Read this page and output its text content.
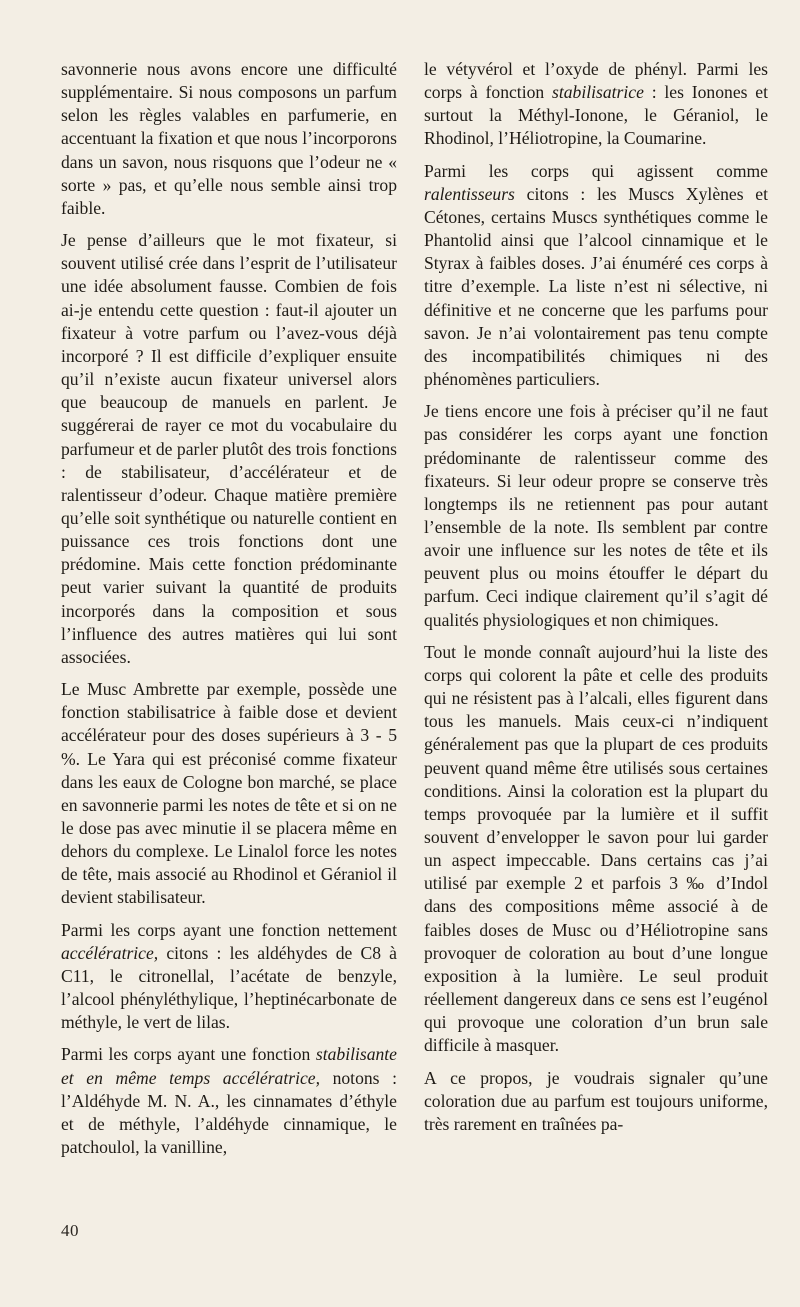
savonnerie nous avons encore une difficulté supplémentaire. Si nous composons un parfum selon les règles valables en parfumerie, en accentuant la fixation et que nous l’incorporons dans un savon, nous risquons que l’odeur ne « sorte » pas, et qu’elle nous semble ainsi trop faible.

Je pense d’ailleurs que le mot fixateur, si souvent utilisé crée dans l’esprit de l’utilisateur une idée absolument fausse. Combien de fois ai-je entendu cette question : faut-il ajouter un fixateur à votre parfum ou l’avez-vous déjà incorporé ? Il est difficile d’expliquer ensuite qu’il n’existe aucun fixateur universel alors que beaucoup de manuels en parlent. Je suggérerai de rayer ce mot du vocabulaire du parfumeur et de parler plutôt des trois fonctions : de stabilisateur, d’accélérateur et de ralentisseur d’odeur. Chaque matière première qu’elle soit synthétique ou naturelle contient en puissance ces trois fonctions dont une prédomine. Mais cette fonction prédominante peut varier suivant la quantité de produits incorporés dans la composition et sous l’influence des autres matières qui lui sont associées.

Le Musc Ambrette par exemple, possède une fonction stabilisatrice à faible dose et devient accélérateur pour des doses supérieurs à 3 - 5 %. Le Yara qui est préconisé comme fixateur dans les eaux de Cologne bon marché, se place en savonnerie parmi les notes de tête et si on ne le dose pas avec minutie il se placera même en dehors du complexe. Le Linalol force les notes de tête, mais associé au Rhodinol et Géraniol il devient stabilisateur.

Parmi les corps ayant une fonction nettement accélératrice, citons : les aldéhydes de C8 à C11, le citronellal, l’acétate de benzyle, l’alcool phényléthylique, l’heptinécarbonate de méthyle, le vert de lilas.

Parmi les corps ayant une fonction stabilisante et en même temps accélératrice, notons : l’Aldéhyde M. N. A., les cinnamates d’éthyle et de méthyle, l’aldéhyde cinnamique, le patchoulol, la vanilline,

le vétyvérol et l’oxyde de phényl. Parmi les corps à fonction stabilisatrice : les Ionones et surtout la Méthyl-Ionone, le Géraniol, le Rhodinol, l’Héliotropine, la Coumarine.

Parmi les corps qui agissent comme ralentisseurs citons : les Muscs Xylènes et Cétones, certains Muscs synthétiques comme le Phantolid ainsi que l’alcool cinnamique et le Styrax à faibles doses. J’ai énuméré ces corps à titre d’exemple. La liste n’est ni sélective, ni définitive et ne concerne que les parfums pour savon. Je n’ai volontairement pas tenu compte des incompatibilités chimiques ni des phénomènes particuliers.

Je tiens encore une fois à préciser qu’il ne faut pas considérer les corps ayant une fonction prédominante de ralentisseur comme des fixateurs. Si leur odeur propre se conserve très longtemps ils ne retiennent pas pour autant l’ensemble de la note. Ils semblent par contre avoir une influence sur les notes de tête et ils peuvent plus ou moins étouffer le départ du parfum. Ceci indique clairement qu’il s’agit dé qualités physiologiques et non chimiques.

Tout le monde connaît aujourd’hui la liste des corps qui colorent la pâte et celle des produits qui ne résistent pas à l’alcali, elles figurent dans tous les manuels. Mais ceux-ci n’indiquent généralement pas que la plupart de ces produits peuvent quand même être utilisés sous certaines conditions. Ainsi la coloration est la plupart du temps provoquée par la lumière et il suffit souvent d’envelopper le savon pour lui garder un aspect impeccable. Dans certains cas j’ai utilisé par exemple 2 et parfois 3 ‰ d’Indol dans des compositions même associé à de faibles doses de Musc ou d’Héliotropine sans provoquer de coloration au bout d’une longue exposition à la lumière. Le seul produit réellement dangereux dans ce sens est l’eugénol qui provoque une coloration d’un brun sale difficile à masquer.

A ce propos, je voudrais signaler qu’une coloration due au parfum est toujours uniforme, très rarement en traînées pa-

40
